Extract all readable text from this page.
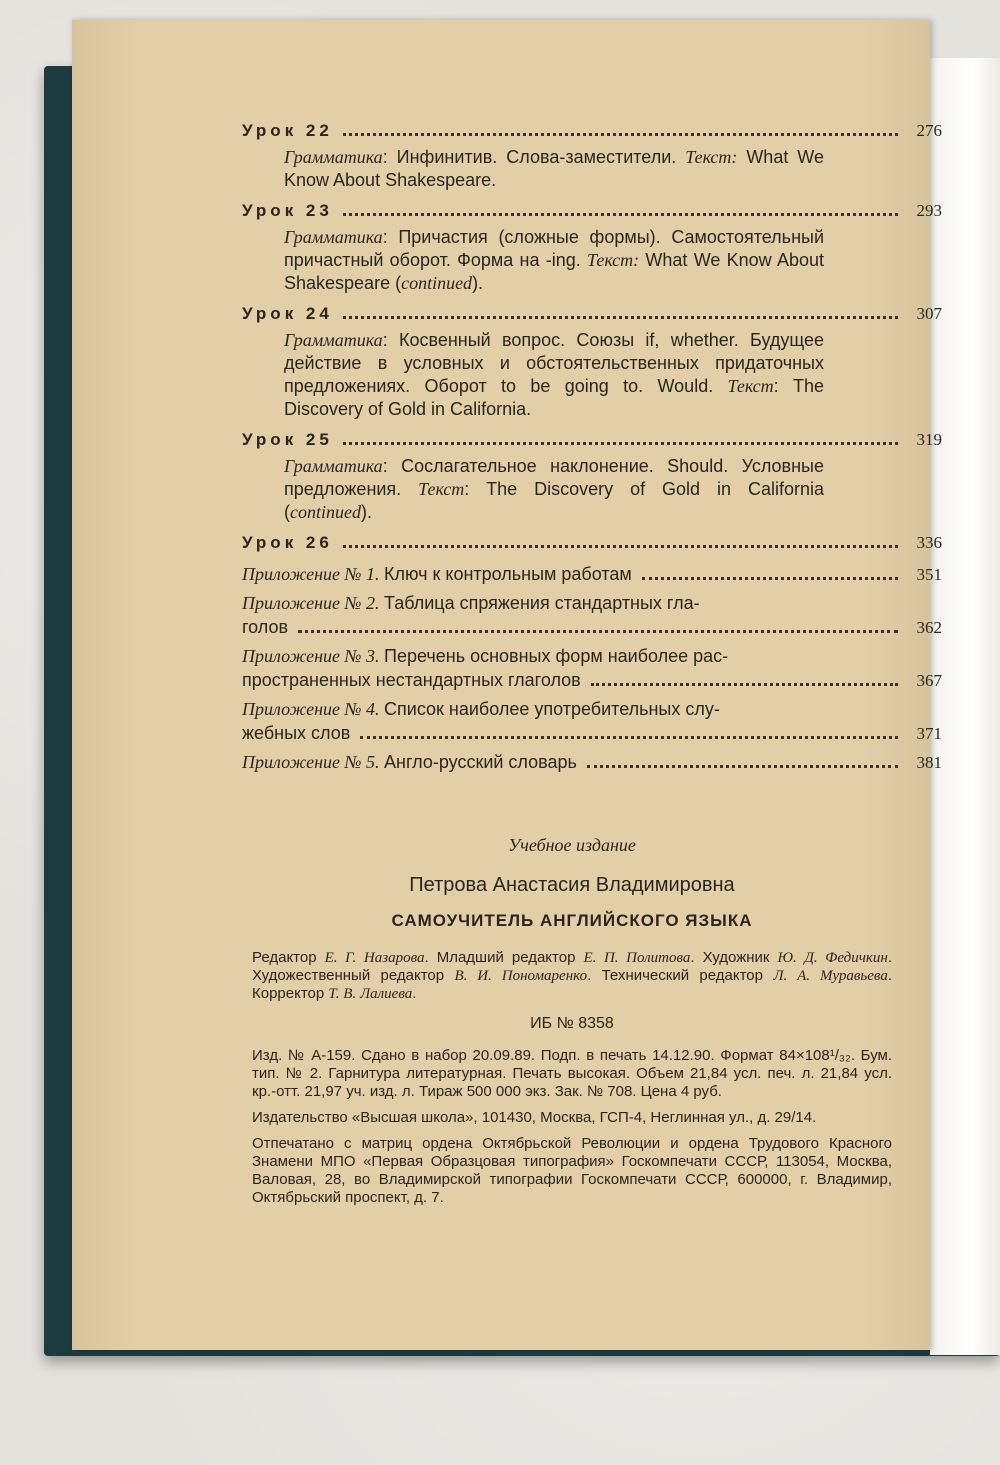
Урок 22	276
Грамматика: Инфинитив. Слова-заместители. Текст: What We Know About Shakespeare.
Урок 23	293
Грамматика: Причастия (сложные формы). Самостоятельный причастный оборот. Форма на -ing. Текст: What We Know About Shakespeare (continued).
Урок 24	307
Грамматика: Косвенный вопрос. Союзы if, whether. Будущее действие в условных и обстоятельственных придаточных предложениях. Оборот to be going to. Would. Текст: The Discovery of Gold in California.
Урок 25	319
Грамматика: Сослагательное наклонение. Should. Условные предложения. Текст: The Discovery of Gold in California (continued).
Урок 26	336
Приложение № 1.
Ключ к контрольным работам	351
Приложение № 2. Таблица спряжения стандартных гла-
голов	362
Приложение № 3. Перечень основных форм наиболее рас-
пространенных нестандартных глаголов	367
Приложение № 4. Список наиболее употребительных слу-
жебных слов	371
Приложение № 5.
Англо-русский словарь	381
Учебное издание
Петрова Анастасия Владимировна
САМОУЧИТЕЛЬ АНГЛИЙСКОГО ЯЗЫКА
Редактор Е. Г. Назарова. Младший редактор Е. П. Политова. Художник Ю. Д. Федичкин. Художественный редактор В. И. Пономаренко. Технический редактор Л. А. Муравьева. Корректор Т. В. Лалиева.
ИБ № 8358
Изд. № А-159. Сдано в набор 20.09.89. Подп. в печать 14.12.90. Формат 84×108¹/₃₂. Бум. тип. № 2. Гарнитура литературная. Печать высокая. Объем 21,84 усл. печ. л. 21,84 усл. кр.-отт. 21,97 уч. изд. л. Тираж 500 000 экз. Зак. № 708. Цена 4 руб.
Издательство «Высшая школа», 101430, Москва, ГСП-4, Неглинная ул., д. 29/14.
Отпечатано с матриц ордена Октябрьской Революции и ордена Трудового Красного Знамени МПО «Первая Образцовая типография» Госкомпечати СССР, 113054, Москва, Валовая, 28, во Владимирской типографии Госкомпечати СССР, 600000, г. Владимир, Октябрьский проспект, д. 7.
